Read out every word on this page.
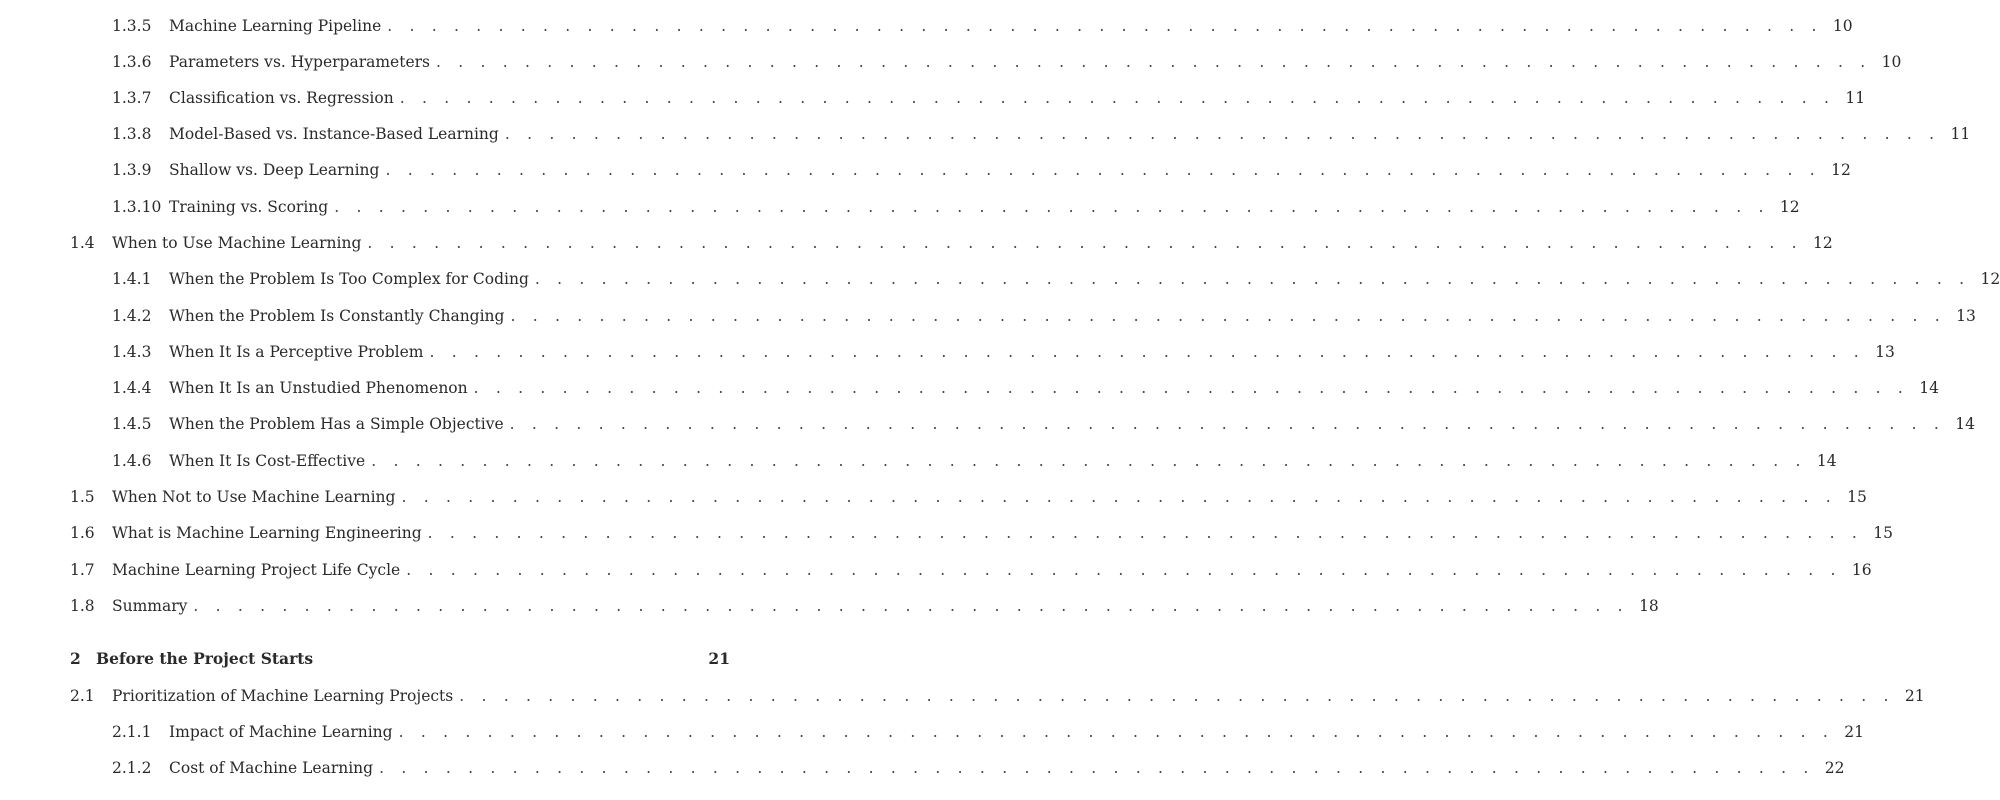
1.3.5	Machine Learning Pipeline . . . . . . . . . . . . . . . . . . . . . . . . . . . . . . . . . . . . . . . . . . . . . . . . . . . . . . . . . . . . . . . . . 10
1.3.6	Parameters vs. Hyperparameters . . . . . . . . . . . . . . . . . . . . . . . . . . . . . . . . . . . . . . . . . . . . . . . . . . . . . . . . . . . . . . . . . 10
1.3.7	Classification vs. Regression . . . . . . . . . . . . . . . . . . . . . . . . . . . . . . . . . . . . . . . . . . . . . . . . . . . . . . . . . . . . . . . . . 11
1.3.8	Model-Based vs. Instance-Based Learning . . . . . . . . . . . . . . . . . . . . . . . . . . . . . . . . . . . . . . . . . . . . . . . . . . . . . . . . . . . . . . . . . 11
1.3.9	Shallow vs. Deep Learning . . . . . . . . . . . . . . . . . . . . . . . . . . . . . . . . . . . . . . . . . . . . . . . . . . . . . . . . . . . . . . . . . 12
1.3.10 Training vs. Scoring . . . . . . . . . . . . . . . . . . . . . . . . . . . . . . . . . . . . . . . . . . . . . . . . . . . . . . . . . . . . . . . . . 12
1.4	When to Use Machine Learning . . . . . . . . . . . . . . . . . . . . . . . . . . . . . . . . . . . . . . . . . . . . . . . . . . . . . . . . . . . . . . . . . 12
1.4.1	When the Problem Is Too Complex for Coding . . . . . . . . . . . . . . . . . . . . . . . . . . . . . . . . . . . . . . . . . . . . . . . . . . . . . . . . . . . . . . . . . 12
1.4.2	When the Problem Is Constantly Changing . . . . . . . . . . . . . . . . . . . . . . . . . . . . . . . . . . . . . . . . . . . . . . . . . . . . . . . . . . . . . . . . . 13
1.4.3	When It Is a Perceptive Problem . . . . . . . . . . . . . . . . . . . . . . . . . . . . . . . . . . . . . . . . . . . . . . . . . . . . . . . . . . . . . . . . . 13
1.4.4	When It Is an Unstudied Phenomenon . . . . . . . . . . . . . . . . . . . . . . . . . . . . . . . . . . . . . . . . . . . . . . . . . . . . . . . . . . . . . . . . . 14
1.4.5	When the Problem Has a Simple Objective . . . . . . . . . . . . . . . . . . . . . . . . . . . . . . . . . . . . . . . . . . . . . . . . . . . . . . . . . . . . . . . . . 14
1.4.6	When It Is Cost-Effective . . . . . . . . . . . . . . . . . . . . . . . . . . . . . . . . . . . . . . . . . . . . . . . . . . . . . . . . . . . . . . . . . 14
1.5	When Not to Use Machine Learning . . . . . . . . . . . . . . . . . . . . . . . . . . . . . . . . . . . . . . . . . . . . . . . . . . . . . . . . . . . . . . . . . 15
1.6	What is Machine Learning Engineering . . . . . . . . . . . . . . . . . . . . . . . . . . . . . . . . . . . . . . . . . . . . . . . . . . . . . . . . . . . . . . . . . 15
1.7	Machine Learning Project Life Cycle . . . . . . . . . . . . . . . . . . . . . . . . . . . . . . . . . . . . . . . . . . . . . . . . . . . . . . . . . . . . . . . . . 16
1.8	Summary . . . . . . . . . . . . . . . . . . . . . . . . . . . . . . . . . . . . . . . . . . . . . . . . . . . . . . . . . . . . . . . . . 18
2 Before the Project Starts	21
2.1	Prioritization of Machine Learning Projects . . . . . . . . . . . . . . . . . . . . . . . . . . . . . . . . . . . . . . . . . . . . . . . . . . . . . . . . . . . . . . . . . 21
2.1.1	Impact of Machine Learning . . . . . . . . . . . . . . . . . . . . . . . . . . . . . . . . . . . . . . . . . . . . . . . . . . . . . . . . . . . . . . . . . 21
2.1.2	Cost of Machine Learning . . . . . . . . . . . . . . . . . . . . . . . . . . . . . . . . . . . . . . . . . . . . . . . . . . . . . . . . . . . . . . . . . 22
